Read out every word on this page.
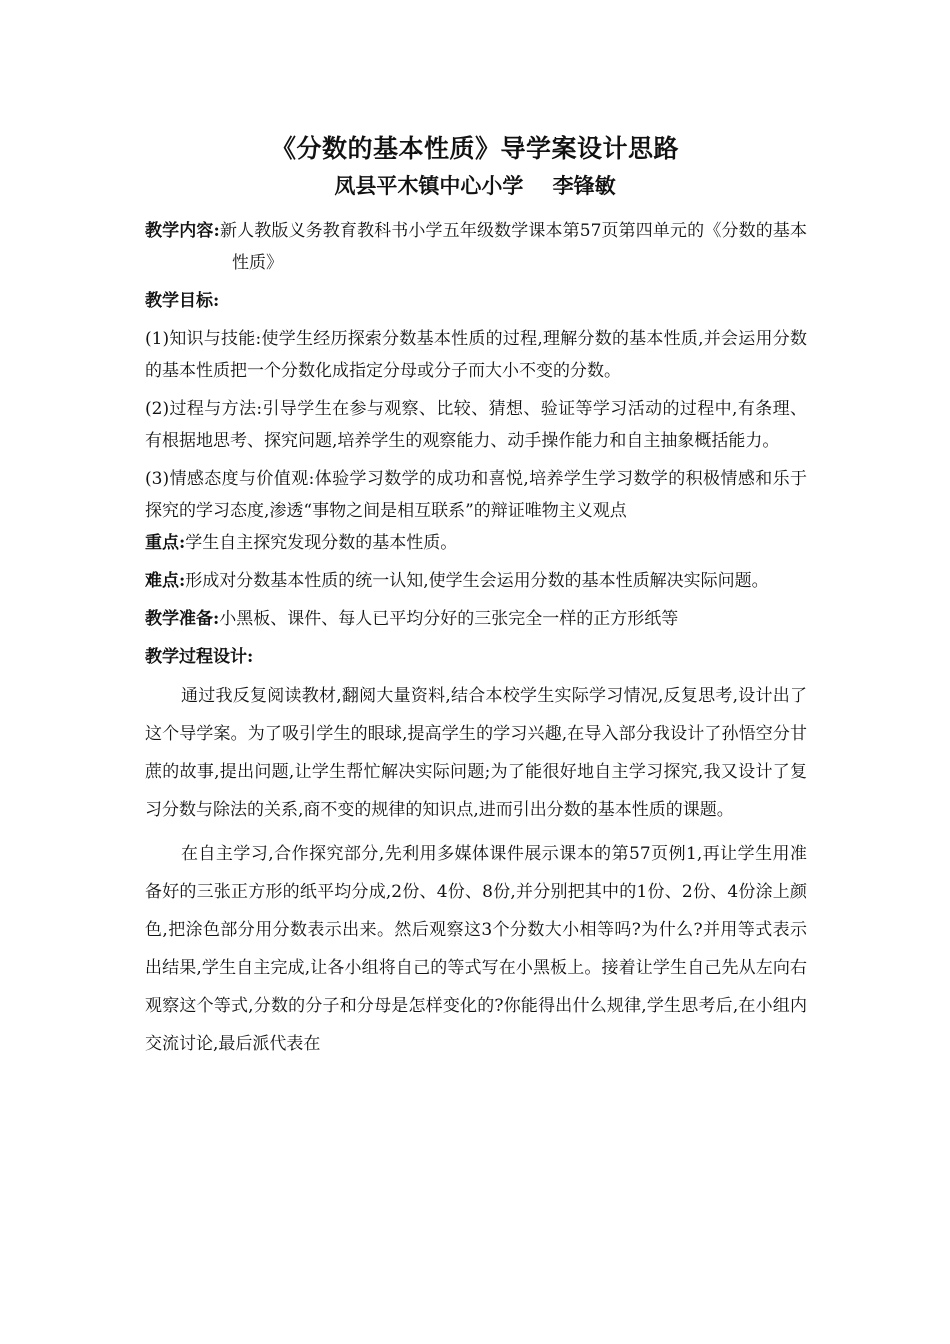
《分数的基本性质》导学案设计思路
凤县平木镇中心小学    李锋敏

教学内容:新人教版义务教育教科书小学五年级数学课本第57页第四单元的《分数的基本性质》

教学目标:

(1)知识与技能:使学生经历探索分数基本性质的过程,理解分数的基本性质,并会运用分数的基本性质把一个分数化成指定分母或分子而大小不变的分数。

(2)过程与方法:引导学生在参与观察、比较、猜想、验证等学习活动的过程中,有条理、有根据地思考、探究问题,培养学生的观察能力、动手操作能力和自主抽象概括能力。

(3)情感态度与价值观:体验学习数学的成功和喜悦,培养学生学习数学的积极情感和乐于探究的学习态度,渗透“事物之间是相互联系”的辩证唯物主义观点

重点:学生自主探究发现分数的基本性质。

难点:形成对分数基本性质的统一认知,使学生会运用分数的基本性质解决实际问题。

教学准备:小黑板、课件、每人已平均分好的三张完全一样的正方形纸等

教学过程设计:

通过我反复阅读教材,翻阅大量资料,结合本校学生实际学习情况,反复思考,设计出了这个导学案。为了吸引学生的眼球,提高学生的学习兴趣,在导入部分我设计了孙悟空分甘蔗的故事,提出问题,让学生帮忙解决实际问题;为了能很好地自主学习探究,我又设计了复习分数与除法的关系,商不变的规律的知识点,进而引出分数的基本性质的课题。

在自主学习,合作探究部分,先利用多媒体课件展示课本的第57页例1,再让学生用准备好的三张正方形的纸平均分成,2份、4份、8份,并分别把其中的1份、2份、4份涂上颜色,把涂色部分用分数表示出来。然后观察这3个分数大小相等吗?为什么?并用等式表示出结果,学生自主完成,让各小组将自己的等式写在小黑板上。接着让学生自己先从左向右观察这个等式,分数的分子和分母是怎样变化的?你能得出什么规律,学生思考后,在小组内交流讨论,最后派代表在
